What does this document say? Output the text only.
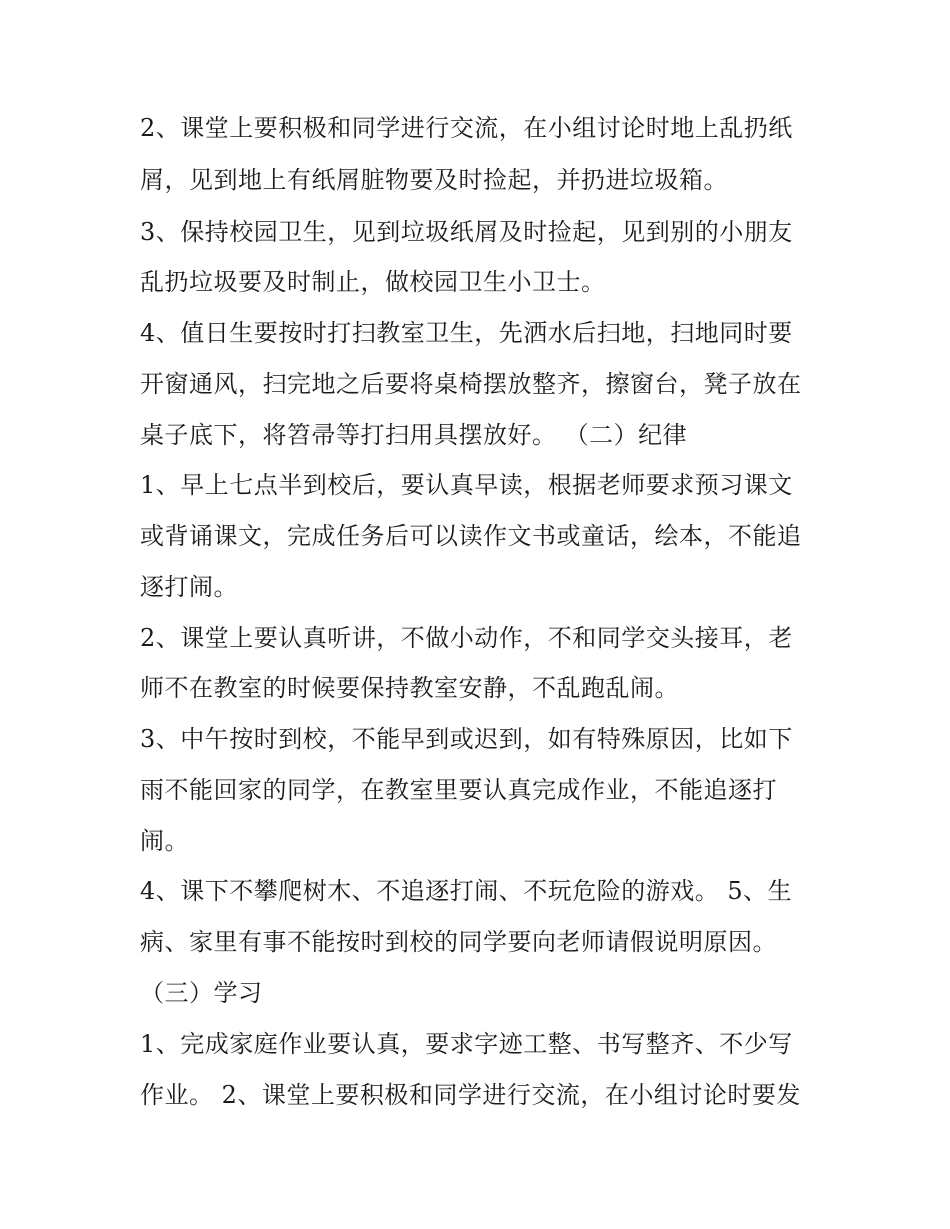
2、课堂上要积极和同学进行交流，在小组讨论时地上乱扔纸
屑，见到地上有纸屑脏物要及时捡起，并扔进垃圾箱。
3、保持校园卫生，见到垃圾纸屑及时捡起，见到别的小朋友
乱扔垃圾要及时制止，做校园卫生小卫士。
4、值日生要按时打扫教室卫生，先洒水后扫地，扫地同时要
开窗通风，扫完地之后要将桌椅摆放整齐，擦窗台，凳子放在
桌子底下，将笤帚等打扫用具摆放好。 （二）纪律
1、早上七点半到校后，要认真早读，根据老师要求预习课文
或背诵课文，完成任务后可以读作文书或童话，绘本，不能追
逐打闹。
2、课堂上要认真听讲，不做小动作，不和同学交头接耳，老
师不在教室的时候要保持教室安静，不乱跑乱闹。
3、中午按时到校，不能早到或迟到，如有特殊原因，比如下
雨不能回家的同学，在教室里要认真完成作业，不能追逐打
闹。
4、课下不攀爬树木、不追逐打闹、不玩危险的游戏。 5、生
病、家里有事不能按时到校的同学要向老师请假说明原因。
（三）学习
1、完成家庭作业要认真，要求字迹工整、书写整齐、不少写
作业。 2、课堂上要积极和同学进行交流，在小组讨论时要发
